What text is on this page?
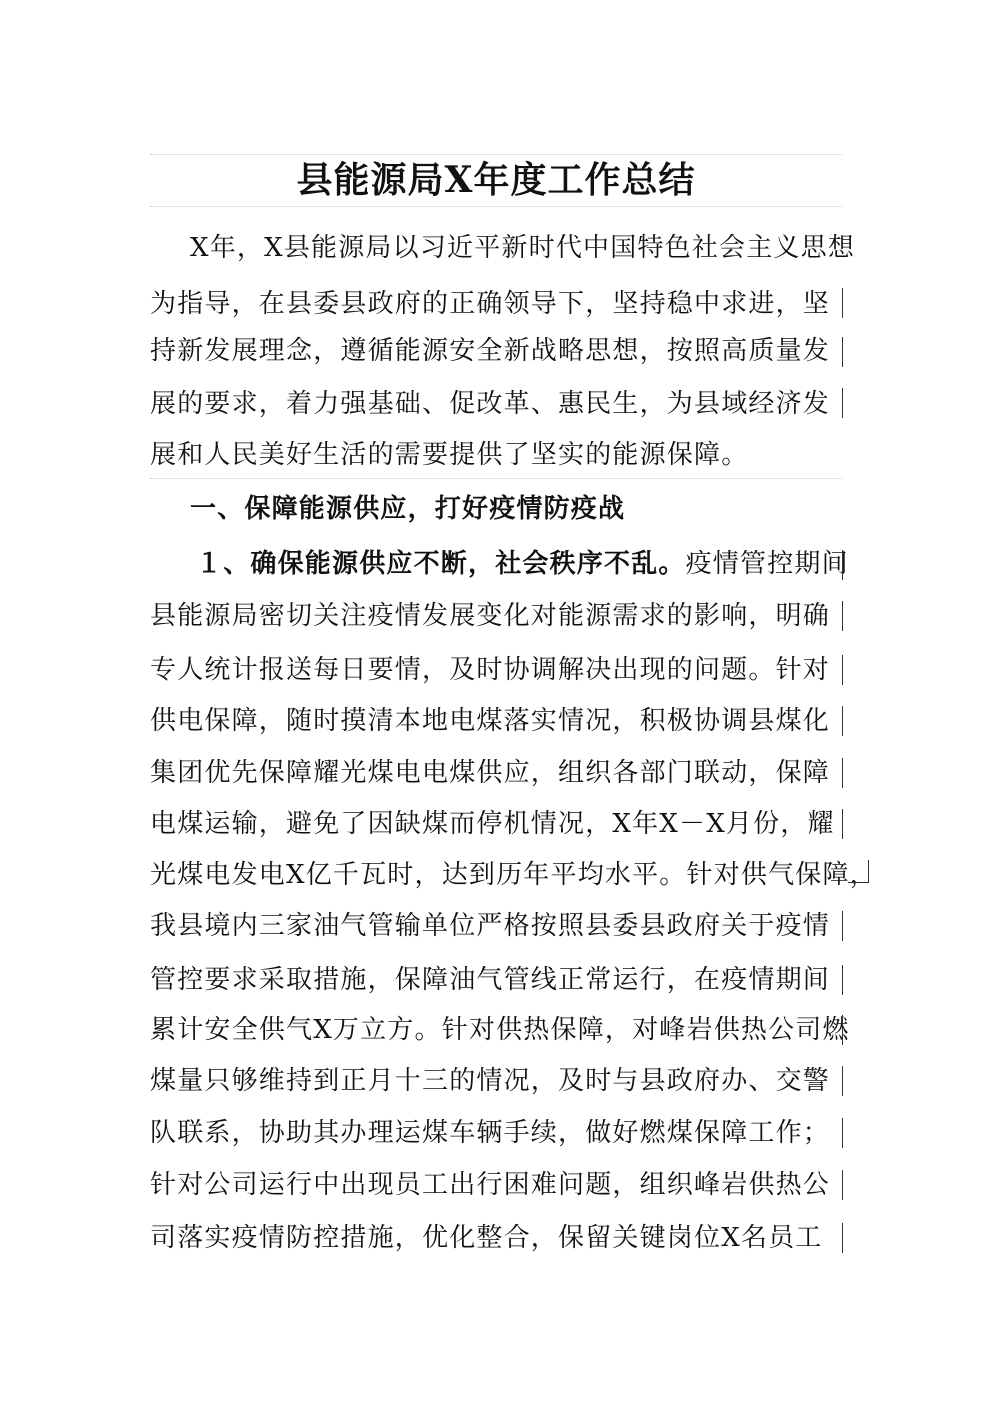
县能源局X年度工作总结
X年，X县能源局以习近平新时代中国特色社会主义思想
为指导，在县委县政府的正确领导下，坚持稳中求进，坚
持新发展理念，遵循能源安全新战略思想，按照高质量发
展的要求，着力强基础、促改革、惠民生，为县域经济发
展和人民美好生活的需要提供了坚实的能源保障。
一、保障能源供应，打好疫情防疫战
１、确保能源供应不断，社会秩序不乱。疫情管控期间
县能源局密切关注疫情发展变化对能源需求的影响，明确
专人统计报送每日要情，及时协调解决出现的问题。针对
供电保障，随时摸清本地电煤落实情况，积极协调县煤化
集团优先保障耀光煤电电煤供应，组织各部门联动，保障
电煤运输，避免了因缺煤而停机情况，X年X－X月份，耀
光煤电发电X亿千瓦时，达到历年平均水平。针对供气保障，
我县境内三家油气管输单位严格按照县委县政府关于疫情
管控要求采取措施，保障油气管线正常运行，在疫情期间
累计安全供气X万立方。针对供热保障，对峰岩供热公司燃
煤量只够维持到正月十三的情况，及时与县政府办、交警
队联系，协助其办理运煤车辆手续，做好燃煤保障工作；
针对公司运行中出现员工出行困难问题，组织峰岩供热公
司落实疫情防控措施，优化整合，保留关键岗位X名员工
